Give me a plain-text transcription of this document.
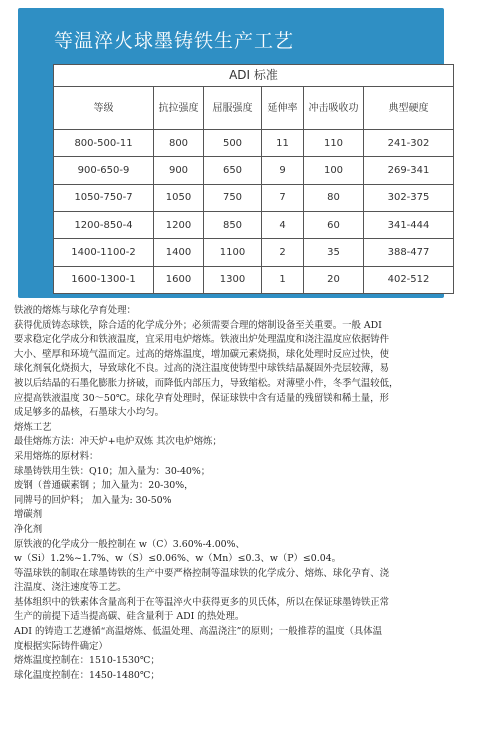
等温淬火球墨铸铁生产工艺
ADI 标准					
等级	抗拉强度	屈服强度	延伸率	冲击吸收功	典型硬度
800-500-11	800	500	11	110	241-302
900-650-9	900	650	9	100	269-341
1050-750-7	1050	750	7	80	302-375
1200-850-4	1200	850	4	60	341-444
1400-1100-2	1400	1100	2	35	388-477
1600-1300-1	1600	1300	1	20	402-512

铁液的熔炼与球化孕育处理：

获得优质铸态球铁，除合适的化学成分外；必须需要合理的熔制设备至关重要。一般 ADI

要求稳定化学成分和铁液温度，宜采用电炉熔炼。铁液出炉处理温度和浇注温度应依据铸件

大小、壁厚和环境气温而定。过高的熔炼温度，增加碳元素烧损，球化处理时反应过快，使

球化剂氧化烧损大，导致球化不良。过高的浇注温度使铸型中球铁结晶凝固外壳层较薄，易

被以后结晶的石墨化膨胀力挤破，而降低内部压力，导致缩松。对薄壁小件，冬季气温较低，

应提高铁液温度 30～50℃。球化孕育处理时，保证球铁中含有适量的残留镁和稀土量，形

成足够多的晶核，石墨球大小均匀。

熔炼工艺

最佳熔炼方法：冲天炉+电炉双炼 其次电炉熔炼；

采用熔炼的原材料：

球墨铸铁用生铁：Q10；加入量为：30-40%；

废钢（普通碳素钢 ；加入量为：20-30%，

同牌号的回炉料； 加入量为: 30-50%

增碳剂

净化剂

原铁液的化学成分一般控制在 w（C）3.60%-4.00%、

w（Si）1.2%~1.7%、w（S）≤0.06%、w（Mn）≤0.3、w（P）≤0.04。

等温球铁的制取在球墨铸铁的生产中要严格控制等温球铁的化学成分、熔炼、球化孕育、浇

注温度、浇注速度等工艺。

基体组织中的铁素体含量高利于在等温淬火中获得更多的贝氏体，所以在保证球墨铸铁正常

生产的前提下适当提高碳、硅含量利于 ADI 的热处理。

ADI 的铸造工艺遵循“高温熔炼、低温处理、高温浇注”的原则；一般推荐的温度（具体温

度根据实际铸件确定）

熔炼温度控制在：1510-1530℃；

球化温度控制在：1450-1480℃；
